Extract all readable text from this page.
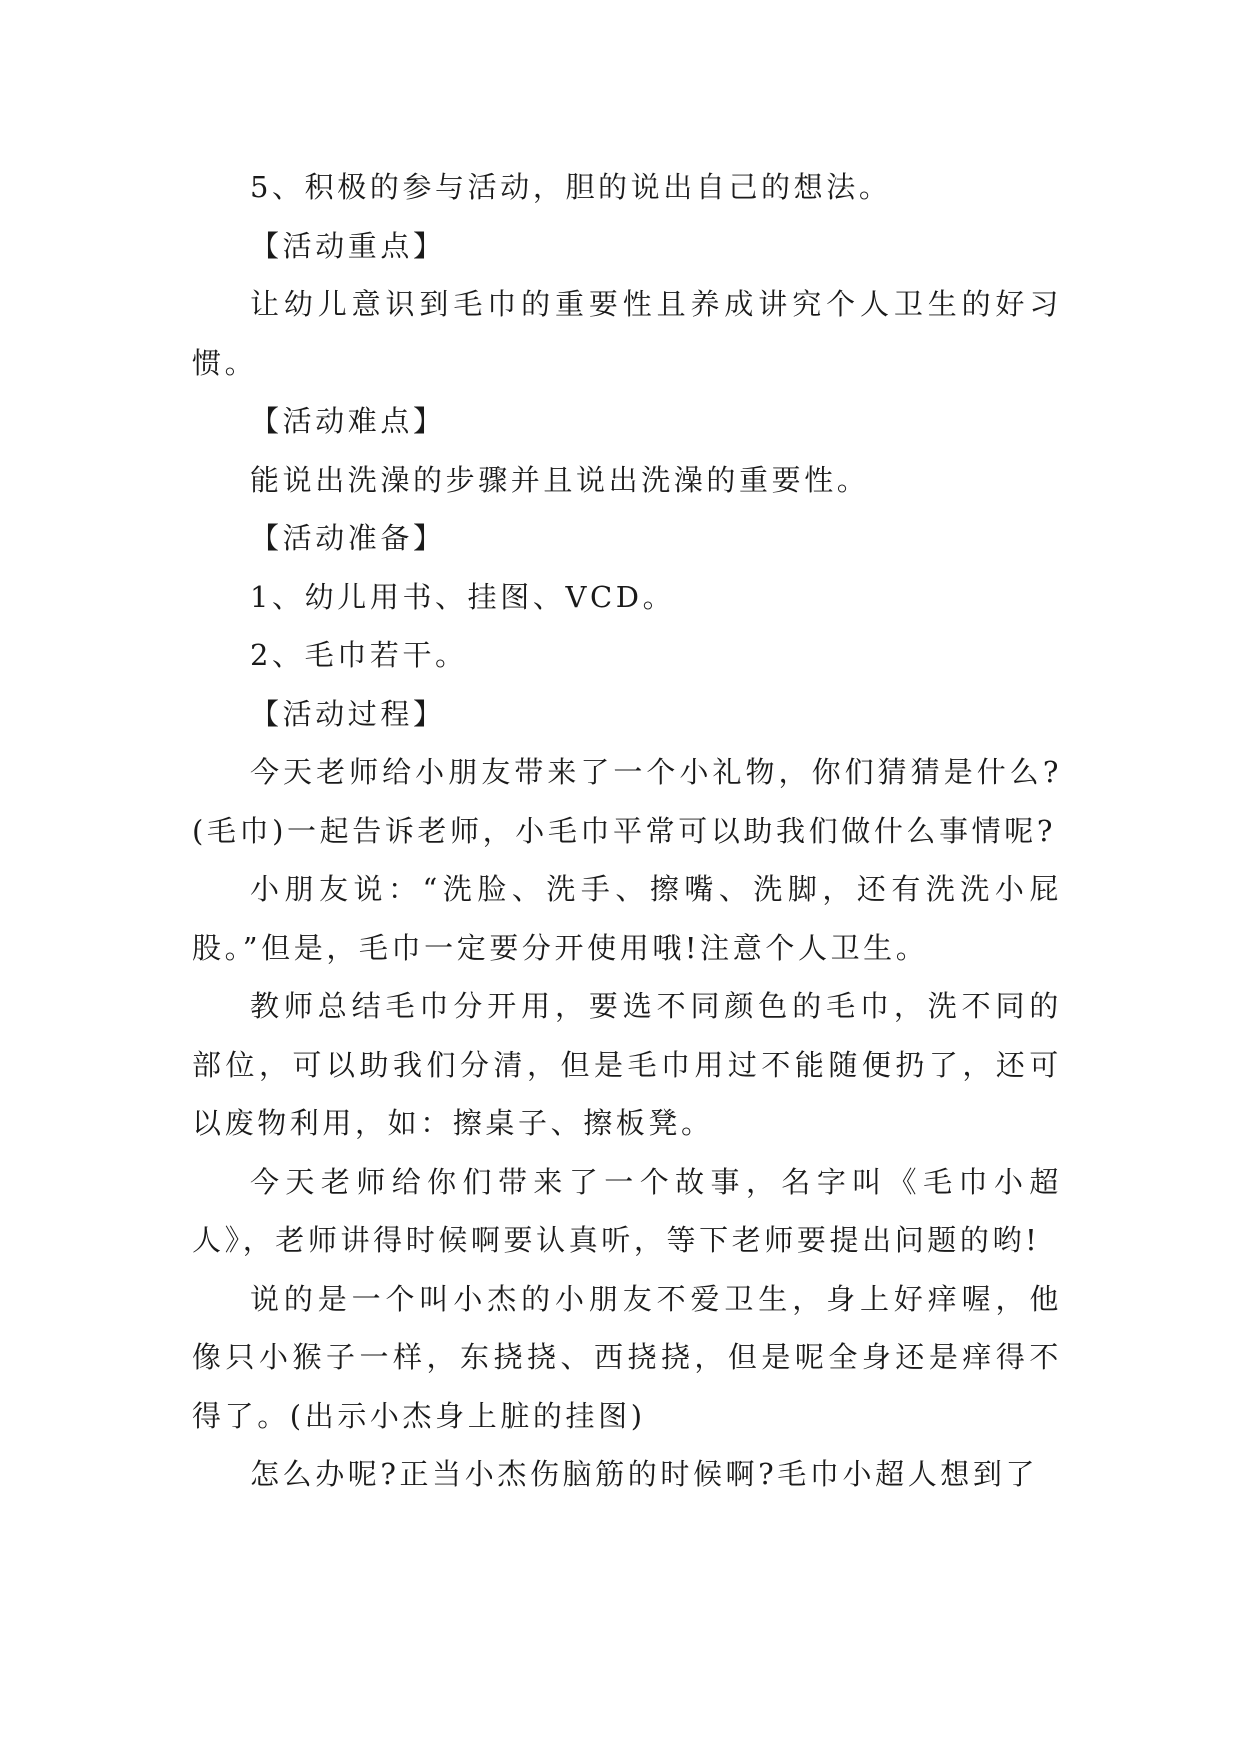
5、积极的参与活动，胆的说出自己的想法。

【活动重点】

让幼儿意识到毛巾的重要性且养成讲究个人卫生的好习惯。

【活动难点】

能说出洗澡的步骤并且说出洗澡的重要性。

【活动准备】

1、幼儿用书、挂图、VCD。

2、毛巾若干。

【活动过程】

今天老师给小朋友带来了一个小礼物，你们猜猜是什么?(毛巾)一起告诉老师，小毛巾平常可以助我们做什么事情呢?

小朋友说：“洗脸、洗手、擦嘴、洗脚，还有洗洗小屁股。”但是，毛巾一定要分开使用哦!注意个人卫生。

教师总结毛巾分开用，要选不同颜色的毛巾，洗不同的部位，可以助我们分清，但是毛巾用过不能随便扔了，还可以废物利用，如：擦桌子、擦板凳。

今天老师给你们带来了一个故事，名字叫《毛巾小超人》，老师讲得时候啊要认真听，等下老师要提出问题的哟!

说的是一个叫小杰的小朋友不爱卫生，身上好痒喔，他像只小猴子一样，东挠挠、西挠挠，但是呢全身还是痒得不得了。(出示小杰身上脏的挂图)

怎么办呢?正当小杰伤脑筋的时候啊?毛巾小超人想到了
